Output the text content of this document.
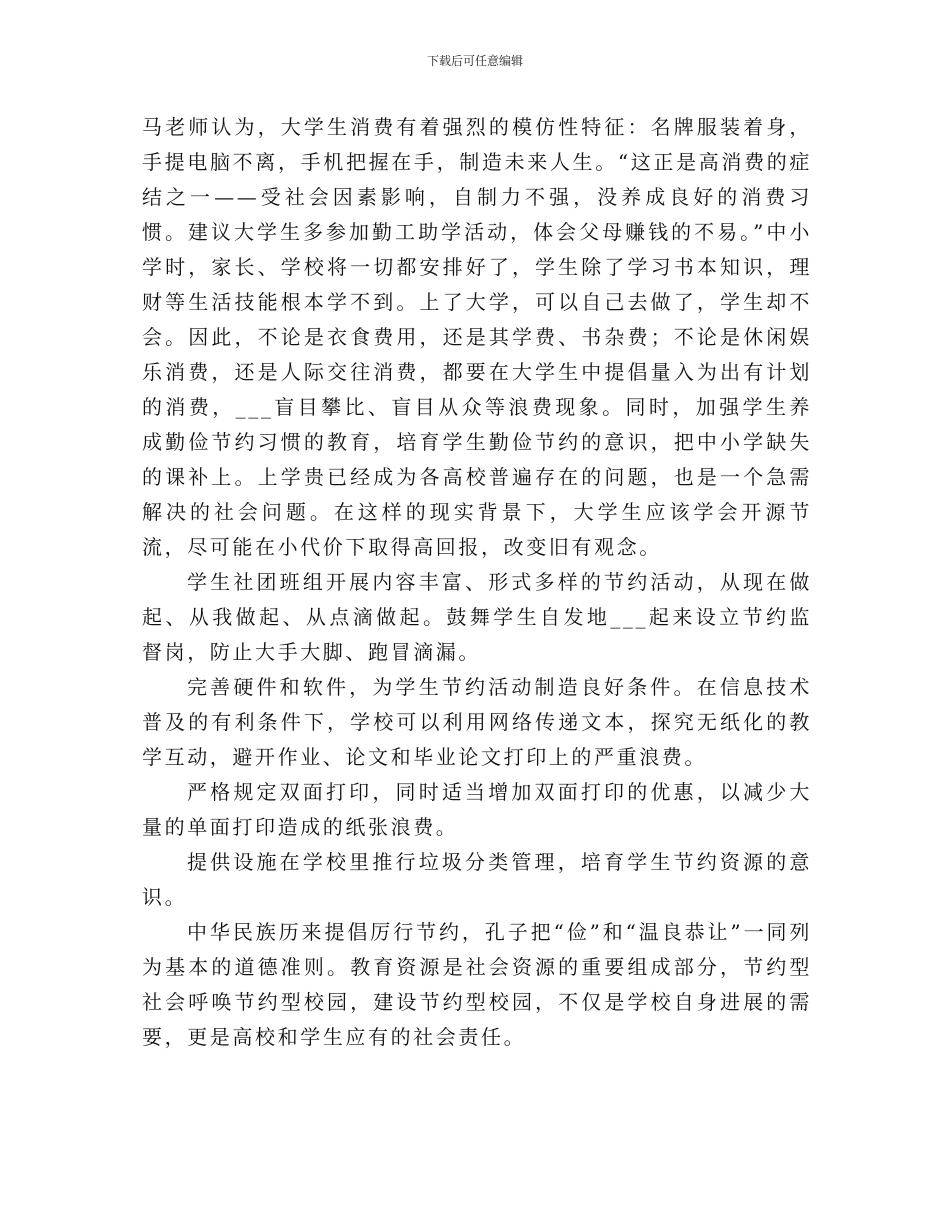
下载后可任意编辑

马老师认为，大学生消费有着强烈的模仿性特征：名牌服装着身，手提电脑不离，手机把握在手，制造未来人生。“这正是高消费的症结之一——受社会因素影响，自制力不强，没养成良好的消费习惯。建议大学生多参加勤工助学活动，体会父母赚钱的不易。”中小学时，家长、学校将一切都安排好了，学生除了学习书本知识，理财等生活技能根本学不到。上了大学，可以自己去做了，学生却不会。因此，不论是衣食费用，还是其学费、书杂费；不论是休闲娱乐消费，还是人际交往消费，都要在大学生中提倡量入为出有计划的消费，___盲目攀比、盲目从众等浪费现象。同时，加强学生养成勤俭节约习惯的教育，培育学生勤俭节约的意识，把中小学缺失的课补上。上学贵已经成为各高校普遍存在的问题，也是一个急需解决的社会问题。在这样的现实背景下，大学生应该学会开源节流，尽可能在小代价下取得高回报，改变旧有观念。

学生社团班组开展内容丰富、形式多样的节约活动，从现在做起、从我做起、从点滴做起。鼓舞学生自发地___起来设立节约监督岗，防止大手大脚、跑冒滴漏。

完善硬件和软件，为学生节约活动制造良好条件。在信息技术普及的有利条件下，学校可以利用网络传递文本，探究无纸化的教学互动，避开作业、论文和毕业论文打印上的严重浪费。

严格规定双面打印，同时适当增加双面打印的优惠，以减少大量的单面打印造成的纸张浪费。

提供设施在学校里推行垃圾分类管理，培育学生节约资源的意识。

中华民族历来提倡厉行节约，孔子把“俭”和“温良恭让”一同列为基本的道德准则。教育资源是社会资源的重要组成部分，节约型社会呼唤节约型校园，建设节约型校园，不仅是学校自身进展的需要，更是高校和学生应有的社会责任。
